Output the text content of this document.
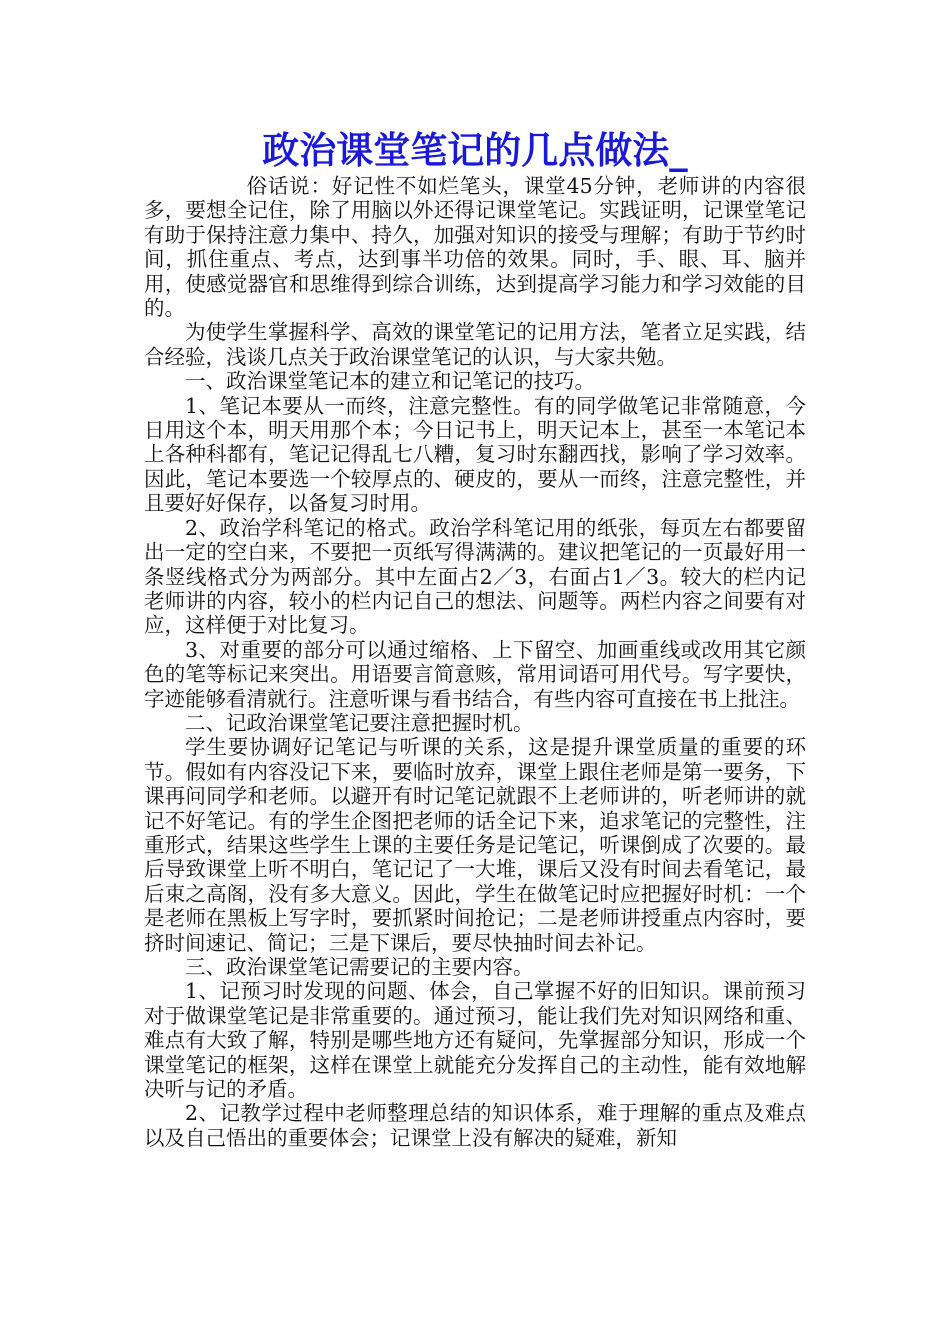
政治课堂笔记的几点做法_

俗话说：好记性不如烂笔头，课堂45分钟，老师讲的内容很多，要想全记住，除了用脑以外还得记课堂笔记。实践证明，记课堂笔记有助于保持注意力集中、持久，加强对知识的接受与理解；有助于节约时间，抓住重点、考点，达到事半功倍的效果。同时，手、眼、耳、脑并用，使感觉器官和思维得到综合训练，达到提高学习能力和学习效能的目的。

为使学生掌握科学、高效的课堂笔记的记用方法，笔者立足实践，结合经验，浅谈几点关于政治课堂笔记的认识，与大家共勉。

一、政治课堂笔记本的建立和记笔记的技巧。

1、笔记本要从一而终，注意完整性。有的同学做笔记非常随意，今日用这个本，明天用那个本；今日记书上，明天记本上，甚至一本笔记本上各种科都有，笔记记得乱七八糟，复习时东翻西找，影响了学习效率。因此，笔记本要选一个较厚点的、硬皮的，要从一而终，注意完整性，并且要好好保存，以备复习时用。

2、政治学科笔记的格式。政治学科笔记用的纸张，每页左右都要留出一定的空白来，不要把一页纸写得满满的。建议把笔记的一页最好用一条竖线格式分为两部分。其中左面占2／3，右面占1／3。较大的栏内记老师讲的内容，较小的栏内记自己的想法、问题等。两栏内容之间要有对应，这样便于对比复习。

3、对重要的部分可以通过缩格、上下留空、加画重线或改用其它颜色的笔等标记来突出。用语要言简意赅，常用词语可用代号。写字要快，字迹能够看清就行。注意听课与看书结合，有些内容可直接在书上批注。

二、记政治课堂笔记要注意把握时机。

学生要协调好记笔记与听课的关系，这是提升课堂质量的重要的环节。假如有内容没记下来，要临时放弃，课堂上跟住老师是第一要务，下课再问同学和老师。以避开有时记笔记就跟不上老师讲的，听老师讲的就记不好笔记。有的学生企图把老师的话全记下来，追求笔记的完整性，注重形式，结果这些学生上课的主要任务是记笔记，听课倒成了次要的。最后导致课堂上听不明白，笔记记了一大堆，课后又没有时间去看笔记，最后束之高阁，没有多大意义。因此，学生在做笔记时应把握好时机：一个是老师在黑板上写字时，要抓紧时间抢记；二是老师讲授重点内容时，要挤时间速记、简记；三是下课后，要尽快抽时间去补记。

三、政治课堂笔记需要记的主要内容。

1、记预习时发现的问题、体会，自己掌握不好的旧知识。课前预习对于做课堂笔记是非常重要的。通过预习，能让我们先对知识网络和重、难点有大致了解，特别是哪些地方还有疑问，先掌握部分知识，形成一个课堂笔记的框架，这样在课堂上就能充分发挥自己的主动性，能有效地解决听与记的矛盾。

2、记教学过程中老师整理总结的知识体系，难于理解的重点及难点以及自己悟出的重要体会；记课堂上没有解决的疑难，新知
